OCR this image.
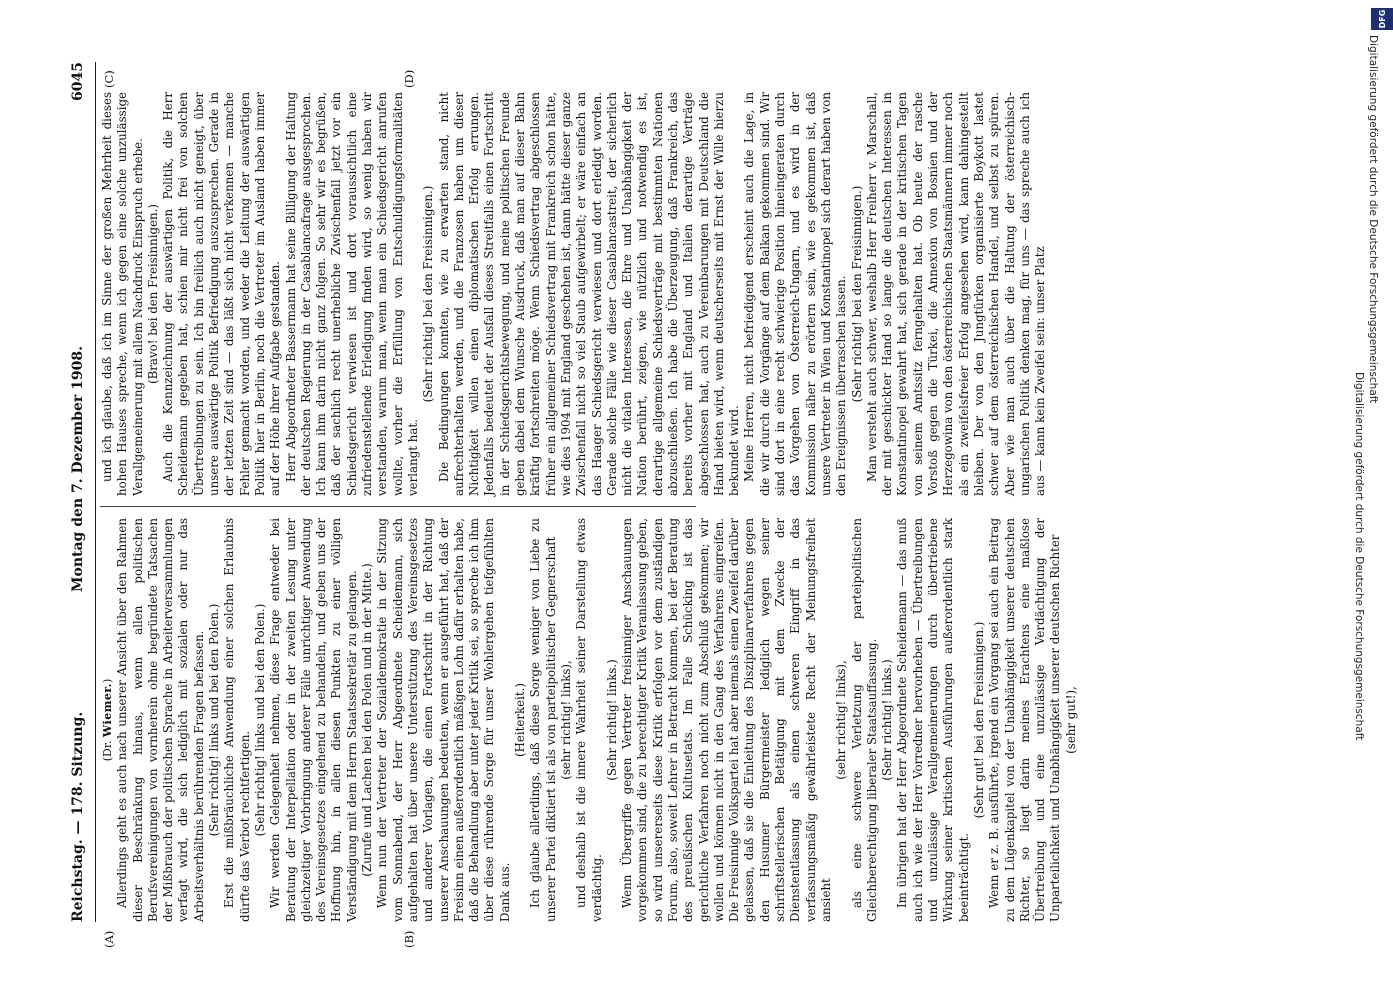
Reichstag. — 178. Sitzung.
Montag den 7. Dezember 1908.
6045
(A)	(B)
(C)	(D)

(Dr. Wiemer.) Allerdings geht es auch nach unserer Ansicht über den Rahmen dieser Beschränkung hinaus, wenn allen politischen Berufsvereinigungen von vornherein ohne begründete Tatsachen der Mißbrauch der politischen Sprache in Arbeiterversammlungen verfagt wird, die sich lediglich mit sozialen oder nur das Arbeitsverhältnis berührenden Fragen befassen. (Sehr richtig! links und bei den Polen.) Erst die mißbräuchliche Anwendung einer solchen Erlaubnis dürfte das Verbot rechtfertigen. (Sehr richtig! links und bei den Polen.) Wir werden Gelegenheit nehmen, diese Frage entweder bei Beratung der Interpellation oder in der zweiten Lesung unter gleichzeitiger Vorbringung anderer Fälle unrichtiger Anwendung des Vereinsgesetzes eingehend zu behandeln, und geben uns der Hoffnung hin, in allen diesen Punkten zu einer völligen Verständigung mit dem Herrn Staatssekretär zu gelangen. (Zurufe und Lachen bei den Polen und in der Mitte.) Wenn nun der Vertreter der Sozialdemokratie in der Sitzung vom Sonnabend, der Herr Abgeordnete Scheidemann, sich aufgehalten hat über unsere Unterstützung des Vereinsgesetzes und anderer Vorlagen, die einen Fortschritt in der Richtung unserer Anschauungen bedeuten, wenn er ausgeführt hat, daß der Freisinn einen außerordentlich mäßigen Lohn dafür erhalten habe, daß die Behandlung aber unter jeder Kritik sei, so spreche ich ihm über diese rührende Sorge für unser Wohlergehen tiefgefühlten Dank aus.

(Heiterkeit.) Ich glaube allerdings, daß diese Sorge weniger von Liebe zu unserer Partei diktiert ist als von parteipolitischer Gegnerschaft (sehr richtig! links), und deshalb ist die innere Wahrheit seiner Darstellung etwas verdächtig.

(Sehr richtig! links.) Wenn Übergriffe gegen Vertreter freisinniger Anschauungen vorgekommen sind, die zu berechtigter Kritik Veranlassung geben, so wird unsererseits diese Kritik erfolgen vor dem zuständigen Forum, also, soweit Lehrer in Betracht kommen, bei der Beratung des preußischen Kultusetats. Im Falle Schücking ist das gerichtliche Verfahren noch nicht zum Abschluß gekommen; wir wollen und können nicht in den Gang des Verfahrens eingreifen. Die Freisinnige Volkspartei hat aber niemals einen Zweifel darüber gelassen, daß sie die Einleitung des Disziplinarverfahrens gegen den Husumer Bürgermeister lediglich wegen seiner schriftstellerischen Betätigung mit dem Zwecke der Dienstentlassung als einen schweren Eingriff in das verfassungsmäßig gewährleistete Recht der Meinungsfreiheit ansieht

(sehr richtig! links), als eine schwere Verletzung der parteipolitischen Gleichberechtigung liberaler Staatsauffassung. (Sehr richtig! links.) Im übrigen hat der Herr Abgeordnete Scheidemann — das muß auch ich wie der Herr Vorredner hervorheben — Übertreibungen und unzulässige Verallgemeinerungen durch übertriebene Wirkung seiner kritischen Ausführungen außerordentlich stark beeinträchtigt.

(Sehr gut! bei den Freisinnigen.) Wenn er z. B. ausführte, irgend ein Vorgang sei auch ein Beitrag zu dem Lügenkapitel von der Unabhängigkeit unserer deutschen Richter, so liegt darin meines Erachtens eine maßlose Übertreibung und eine unzulässige Verdächtigung der Unparteilichkeit und Unabhängigkeit unserer deutschen Richter (sehr gut!),

und ich glaube, daß ich im Sinne der großen Mehrheit dieses hohen Hauses spreche, wenn ich gegen eine solche unzulässige Verallgemeinerung mit allem Nachdruck Einspruch erhebe. (Bravo! bei den Freisinnigen.) Auch die Kennzeichnung der auswärtigen Politik, die Herr Scheidemann gegeben hat, schien mir nicht frei von solchen Übertreibungen zu sein. Ich bin freilich auch nicht geneigt, über unsere auswärtige Politik Befriedigung auszusprechen. Gerade in der letzten Zeit sind — das läßt sich nicht verkennen — manche Fehler gemacht worden, und weder die Leitung der auswärtigen Politik hier in Berlin, noch die Vertreter im Ausland haben immer auf der Höhe ihrer Aufgabe gestanden. Herr Abgeordneter Bassermann hat seine Billigung der Haltung der deutschen Regierung in der Casablancafrage ausgesprochen. Ich kann ihm darin nicht ganz folgen. So sehr wir es begrüßen, daß der sachlich recht unerhebliche Zwischenfall jetzt vor ein Schiedsgericht verwiesen ist und dort voraussichtlich eine zufriedenstellende Erledigung finden wird, so wenig haben wir verstanden, warum man, wenn man ein Schiedsgericht anrufen wollte, vorher die Erfüllung von Entschuldigungsformalitäten verlangt hat.

(Sehr richtig! bei den Freisinnigen.) Die Bedingungen konnten, wie zu erwarten stand, nicht aufrechterhalten werden, und die Franzosen haben um dieser Nichtigkeit willen einen diplomatischen Erfolg errungen. Jedenfalls bedeutet der Ausfall dieses Streitfalls einen Fortschritt in der Schiedsgerichtsbewegung, und meine politischen Freunde geben dabei dem Wunsche Ausdruck, daß man auf dieser Bahn kräftig fortschreiten möge. Wenn Schiedsvertrag abgeschlossen früher ein allgemeiner Schiedsvertrag mit Frankreich schon hätte, wie dies 1904 mit England geschehen ist, dann hätte dieser ganze Zwischenfall nicht so viel Staub aufgewirbelt; er wäre einfach an das Haager Schiedsgericht verwiesen und dort erledigt worden. Gerade solche Fälle wie dieser Casablancastreit, der sicherlich nicht die vitalen Interessen, die Ehre und Unabhängigkeit der Nation berührt, zeigen, wie nützlich und notwendig es ist, derartige allgemeine Schiedsverträge mit bestimmten Nationen abzuschließen. Ich habe die Überzeugung, daß Frankreich, das bereits vorher mit England und Italien derartige Verträge abgeschlossen hat, auch zu Vereinbarungen mit Deutschland die Hand bieten wird, wenn deutscherseits mit Ernst der Wille hierzu bekundet wird. Meine Herren, nicht befriedigend erscheint auch die Lage, in die wir durch die Vorgänge auf dem Balkan gekommen sind. Wir sind dort in eine recht schwierige Position hineingeraten durch das Vorgehen von Österreich-Ungarn, und es wird in der Kommission näher zu erörtern sein, wie es gekommen ist, daß unsere Vertreter in Wien und Konstantinopel sich derart haben von den Ereignissen überraschen lassen. (Sehr richtig! bei den Freisinnigen.) Man versteht auch schwer, weshalb Herr Freiherr v. Marschall, der mit geschickter Hand so lange die deutschen Interessen in Konstantinopel gewahrt hat, sich gerade in der kritischen Tagen von seinem Amtssitz ferngehalten hat. Ob heute der rasche Vorstoß gegen die Türkei, die Annexion von Bosnien und der Herzegowina von den österreichischen Staatsmännern immer noch als ein zweifelsfreier Erfolg angesehen wird, kann dahingestellt bleiben. Der von den Jungtürken organisierte Boykott lastet schwer auf dem österreichischen Handel, und selbst zu spüren. Aber wie man auch über die Haltung der österreichisch-ungarischen Politik denken mag, für uns — das spreche auch ich aus — kann kein Zweifel sein: unser Platz

DFG
Digitalisierung gefördert durch die Deutsche Forschungsgemeinschaft
Digitalisierung gefördert durch die Deutsche Forschungsgemeinschaft
